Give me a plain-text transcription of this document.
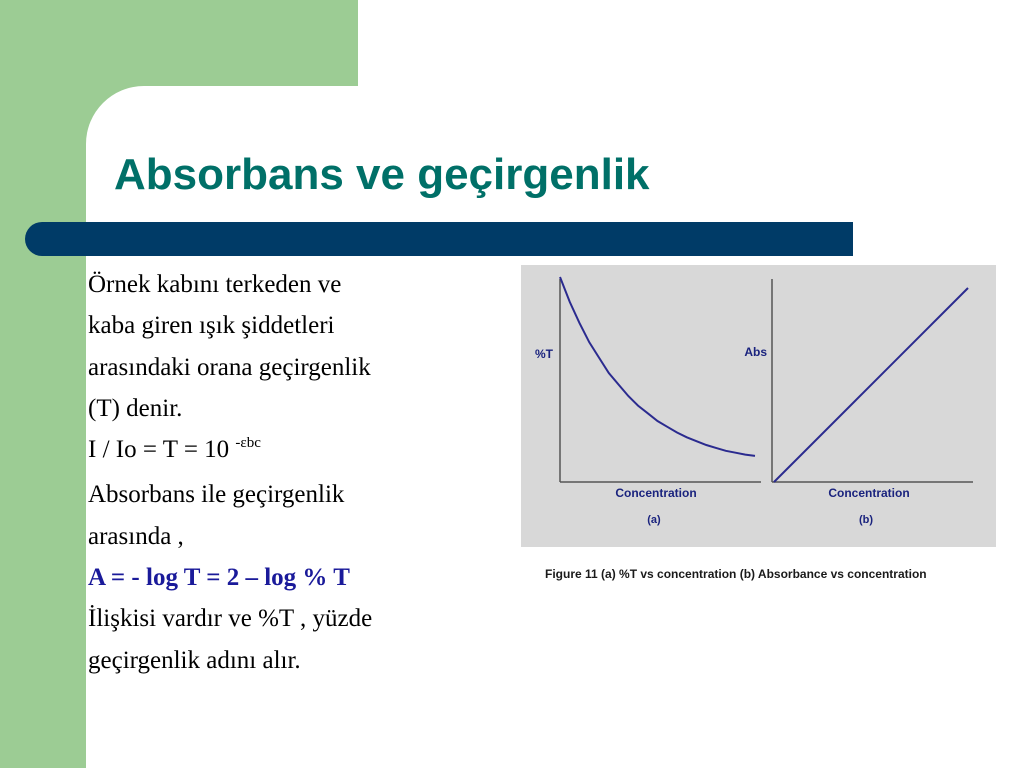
Absorbans ve geçirgenlik
Örnek kabını terkeden ve
kaba giren ışık şiddetleri
arasındaki orana geçirgenlik
(T) denir.
I / Io = T = 10 $^{-\varepsilon bc}$
Absorbans ile geçirgenlik
arasında ,
A = - log T = 2 – log % T
İlişkisi vardır ve %T , yüzde
geçirgenlik adını alır.
%T
Concentration
(a)
Abs
Concentration
(b)
Figure 11 (a) %T vs concentration (b) Absorbance vs concentration
